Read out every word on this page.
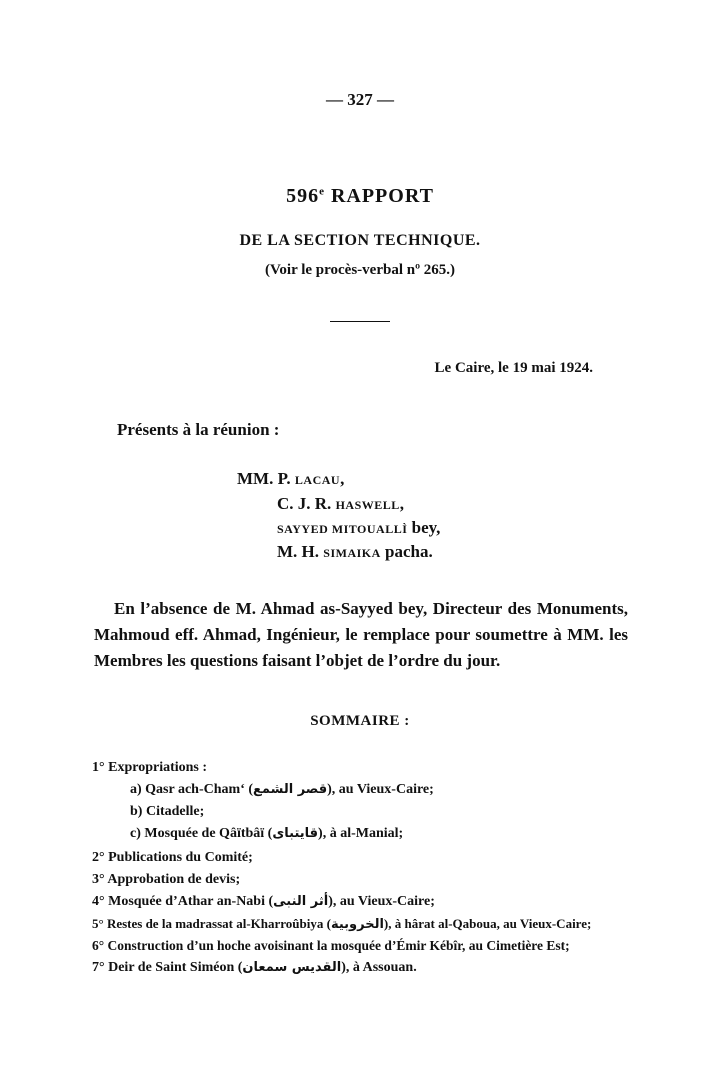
— 327 —
596e RAPPORT
DE LA SECTION TECHNIQUE.
(Voir le procès-verbal nº 265.)
Le Caire, le 19 mai 1924.
Présents à la réunion :
MM. P. LACAU,
C. J. R. HASWELL,
SAYYED MITOUALLÌ bey,
M. H. SIMAIKA pacha.

En l’absence de M. Ahmad as-Sayyed bey, Directeur des Monuments, Mahmoud eff. Ahmad, Ingénieur, le remplace pour soumettre à MM. les Membres les questions faisant l’objet de l’ordre du jour.

SOMMAIRE :
1° Expropriations :
a) Qasr ach-Cham‘ (قصر الشمع), au Vieux-Caire;
b) Citadelle;
c) Mosquée de Qâïtbâï (قايتباى), à al-Manial;
2° Publications du Comité;
3° Approbation de devis;
4° Mosquée d’Athar an-Nabi (أثر النبى), au Vieux-Caire;
5° Restes de la madrassat al-Kharroûbiya (الخروبية), à hârat al-Qaboua, au Vieux-Caire;
6° Construction d’un hoche avoisinant la mosquée d’Émir Kébîr, au Cimetière Est;
7° Deir de Saint Siméon (القديس سمعان), à Assouan.
